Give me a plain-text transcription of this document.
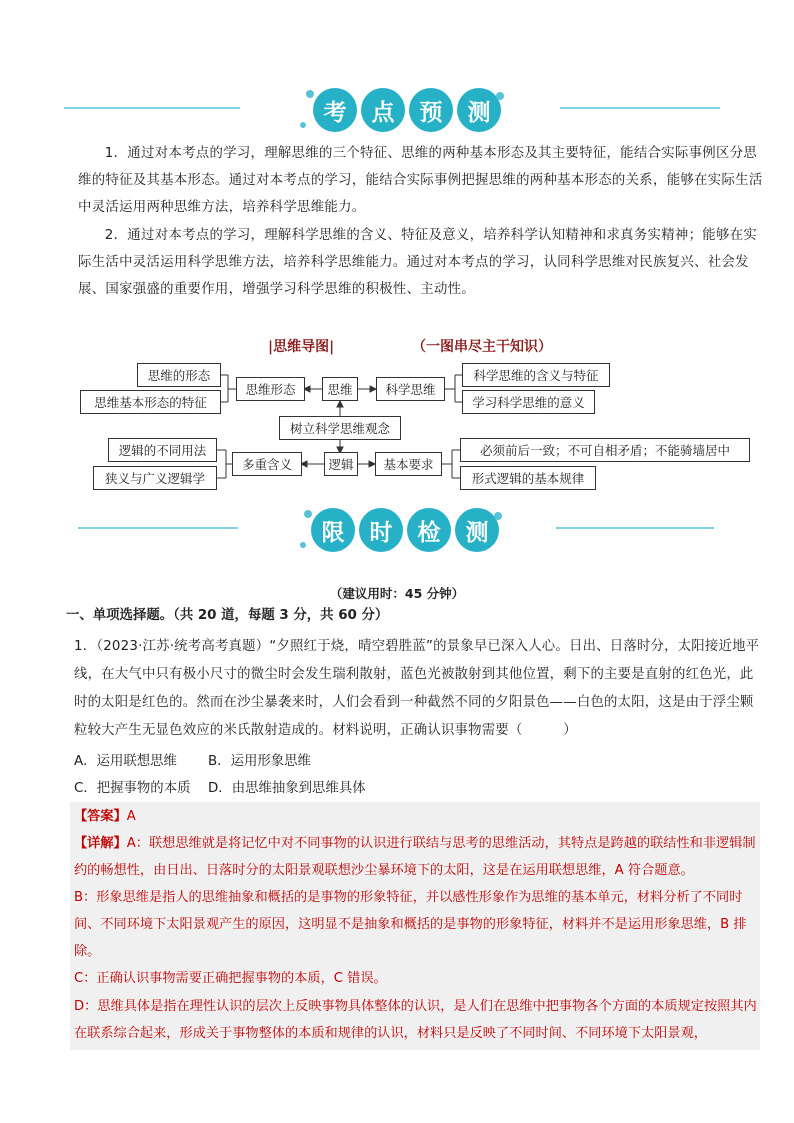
考	点	预	测
1．通过对本考点的学习，理解思维的三个特征、思维的两种基本形态及其主要特征，能结合实际事例区分思维的特征及其基本形态。通过对本考点的学习，能结合实际事例把握思维的两种基本形态的关系，能够在实际生活中灵活运用两种思维方法，培养科学思维能力。
2．通过对本考点的学习，理解科学思维的含义、特征及意义，培养科学认知精神和求真务实精神；能够在实际生活中灵活运用科学思维方法，培养科学思维能力。通过对本考点的学习，认同科学思维对民族复兴、社会发展、国家强盛的重要作用，增强学习科学思维的积极性、主动性。
|思维导图|	（一图串尽主干知识）
思维的形态
思维基本形态的特征
思维形态	思维	科学思维
科学思维的含义与特征
学习科学思维的意义
树立科学思维观念
逻辑的不同用法
狭义与广义逻辑学
多重含义	逻辑	基本要求
必须前后一致；不可自相矛盾；不能骑墙居中
形式逻辑的基本规律
限	时	检	测
（建议用时：45 分钟）
一、单项选择题。（共 20 道，每题 3 分，共 60 分）
1．（2023·江苏·统考高考真题）“夕照红于烧，晴空碧胜蓝”的景象早已深入人心。日出、日落时分，太阳接近地平线，在大气中只有极小尺寸的微尘时会发生瑞利散射，蓝色光被散射到其他位置，剩下的主要是直射的红色光，此时的太阳是红色的。然而在沙尘暴袭来时，人们会看到一种截然不同的夕阳景色——白色的太阳，这是由于浮尘颗粒较大产生无显色效应的米氏散射造成的。材料说明，正确认识事物需要（　　　）
A．运用联想思维 B．运用形象思维
C．把握事物的本质 D．由思维抽象到思维具体
【答案】A
【详解】A：联想思维就是将记忆中对不同事物的认识进行联结与思考的思维活动，其特点是跨越的联结性和非逻辑制约的畅想性，由日出、日落时分的太阳景观联想沙尘暴环境下的太阳，这是在运用联想思维，A 符合题意。
B：形象思维是指人的思维抽象和概括的是事物的形象特征，并以感性形象作为思维的基本单元，材料分析了不同时间、不同环境下太阳景观产生的原因，这明显不是抽象和概括的是事物的形象特征，材料并不是运用形象思维，B 排除。
C：正确认识事物需要正确把握事物的本质，C 错误。
D：思维具体是指在理性认识的层次上反映事物具体整体的认识，是人们在思维中把事物各个方面的本质规定按照其内在联系综合起来，形成关于事物整体的本质和规律的认识，材料只是反映了不同时间、不同环境下太阳景观，
